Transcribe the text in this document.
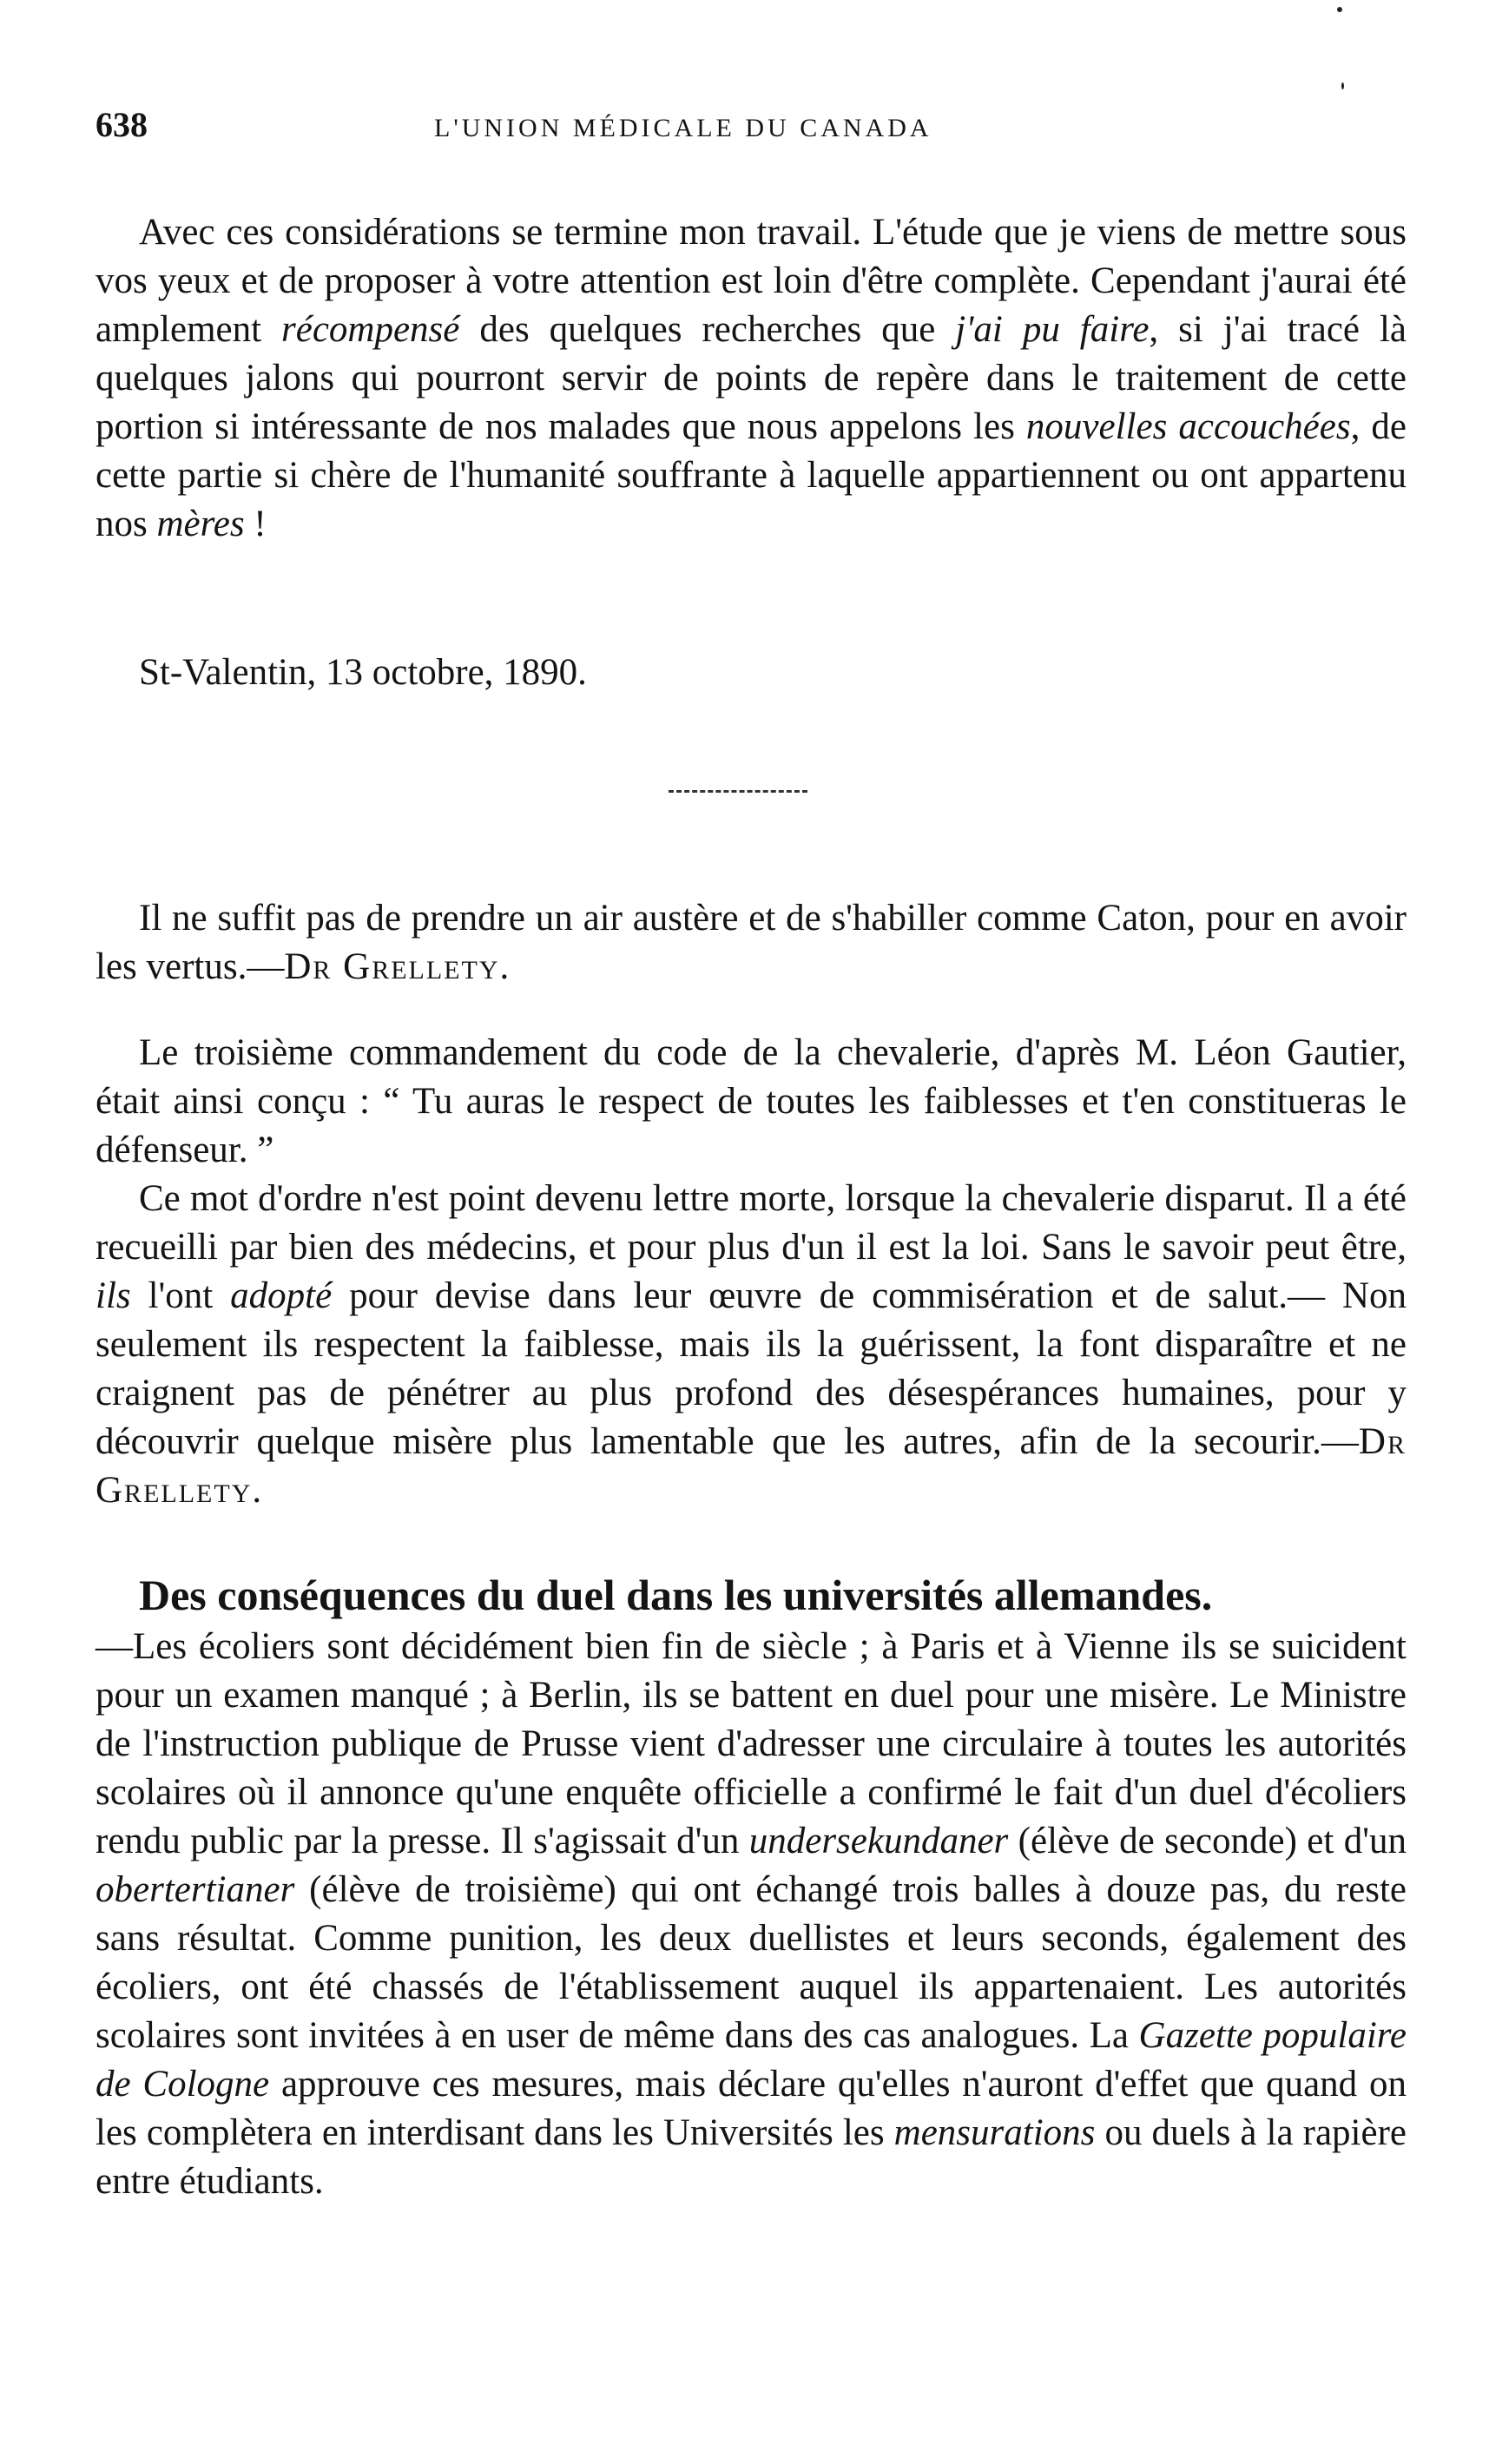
638	L'UNION MÉDICALE DU CANADA

Avec ces considérations se termine mon travail. L'étude que je viens de mettre sous vos yeux et de proposer à votre attention est loin d'être complète. Cependant j'aurai été amplement récompensé des quelques recherches que j'ai pu faire, si j'ai tracé là quelques jalons qui pourront servir de points de repère dans le traitement de cette portion si intéressante de nos malades que nous appelons les nouvelles accouchées, de cette partie si chère de l'humanité souffrante à laquelle appartiennent ou ont appartenu nos mères !

St-Valentin, 13 octobre, 1890.

Il ne suffit pas de prendre un air austère et de s'habiller comme Caton, pour en avoir les vertus.—Dr Grellety.

Le troisième commandement du code de la chevalerie, d'après M. Léon Gautier, était ainsi conçu : “ Tu auras le respect de toutes les faiblesses et t'en constitueras le défenseur. ”

Ce mot d'ordre n'est point devenu lettre morte, lorsque la chevalerie disparut. Il a été recueilli par bien des médecins, et pour plus d'un il est la loi. Sans le savoir peut être, ils l'ont adopté pour devise dans leur œuvre de commisération et de salut.— Non seulement ils respectent la faiblesse, mais ils la guérissent, la font disparaître et ne craignent pas de pénétrer au plus profond des désespérances humaines, pour y découvrir quelque misère plus lamentable que les autres, afin de la secourir.—Dr Grellety.

Des conséquences du duel dans les universités allemandes.

—Les écoliers sont décidément bien fin de siècle ; à Paris et à Vienne ils se suicident pour un examen manqué ; à Berlin, ils se battent en duel pour une misère. Le Ministre de l'instruction publique de Prusse vient d'adresser une circulaire à toutes les autorités scolaires où il annonce qu'une enquête officielle a confirmé le fait d'un duel d'écoliers rendu public par la presse. Il s'agissait d'un undersekundaner (élève de seconde) et d'un obertertianer (élève de troisième) qui ont échangé trois balles à douze pas, du reste sans résultat. Comme punition, les deux duellistes et leurs seconds, également des écoliers, ont été chassés de l'établissement auquel ils appartenaient. Les autorités scolaires sont invitées à en user de même dans des cas analogues. La Gazette populaire de Cologne approuve ces mesures, mais déclare qu'elles n'auront d'effet que quand on les complètera en interdisant dans les Universités les mensurations ou duels à la rapière entre étudiants.
